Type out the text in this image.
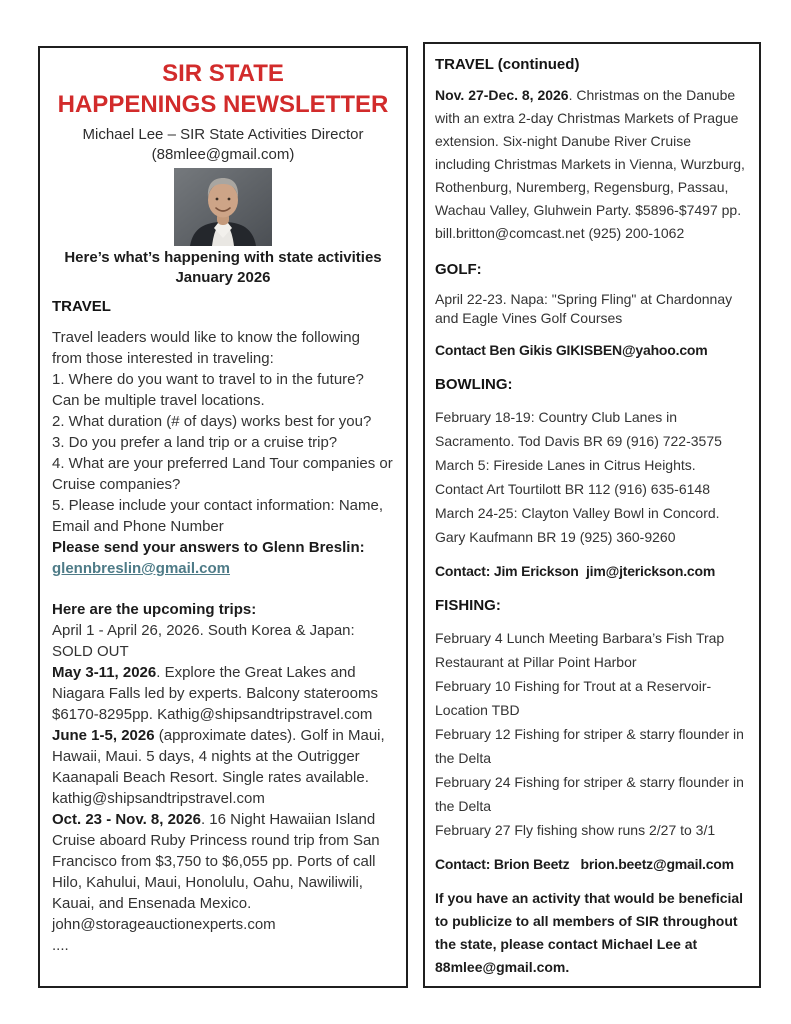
SIR STATE
HAPPENINGS NEWSLETTER
Michael Lee – SIR State Activities Director
(88mlee@gmail.com)
Here’s what’s happening with state activities
January 2026
TRAVEL
Travel leaders would like to know the following from those interested in traveling:
1. Where do you want to travel to in the future? Can be multiple travel locations.
2. What duration (# of days) works best for you?
3. Do you prefer a land trip or a cruise trip?
4. What are your preferred Land Tour companies or Cruise companies?
5. Please include your contact information: Name, Email and Phone Number
Please send your answers to Glenn Breslin:
glennbreslin@gmail.com
Here are the upcoming trips:
April 1 - April 26, 2026. South Korea & Japan: SOLD OUT
May 3-11, 2026. Explore the Great Lakes and Niagara Falls led by experts. Balcony staterooms $6170-8295pp. Kathig@shipsandtripstravel.com
June 1-5, 2026 (approximate dates). Golf in Maui, Hawaii, Maui. 5 days, 4 nights at the Outrigger Kaanapali Beach Resort. Single rates available. kathig@shipsandtripstravel.com
Oct. 23 - Nov. 8, 2026. 16 Night Hawaiian Island Cruise aboard Ruby Princess round trip from San Francisco from $3,750 to $6,055 pp. Ports of call Hilo, Kahului, Maui, Honolulu, Oahu, Nawiliwili, Kauai, and Ensenada Mexico. john@storageauctionexperts.com
....
TRAVEL (continued)

Nov. 27-Dec. 8, 2026. Christmas on the Danube with an extra 2-day Christmas Markets of Prague extension. Six-night Danube River Cruise including Christmas Markets in Vienna, Wurzburg, Rothenburg, Nuremberg, Regensburg, Passau, Wachau Valley, Gluhwein Party. $5896-$7497 pp. bill.britton@comcast.net (925) 200-1062

GOLF:

April 22-23. Napa: "Spring Fling" at Chardonnay and Eagle Vines Golf Courses

Contact Ben Gikis GIKISBEN@yahoo.com

BOWLING:
February 18-19: Country Club Lanes in Sacramento. Tod Davis BR 69 (916) 722-3575
March 5: Fireside Lanes in Citrus Heights.
Contact Art Tourtilott BR 112 (916) 635-6148
March 24-25: Clayton Valley Bowl in Concord.
Gary Kaufmann BR 19 (925) 360-9260

Contact: Jim Erickson  jim@jterickson.com

FISHING:
February 4 Lunch Meeting Barbara’s Fish Trap Restaurant at Pillar Point Harbor
February 10 Fishing for Trout at a Reservoir-Location TBD
February 12 Fishing for striper & starry flounder in the Delta
February 24 Fishing for striper & starry flounder in the Delta
February 27 Fly fishing show runs 2/27 to 3/1

Contact: Brion Beetz   brion.beetz@gmail.com

If you have an activity that would be beneficial to publicize to all members of SIR throughout the state, please contact Michael Lee at 88mlee@gmail.com.
